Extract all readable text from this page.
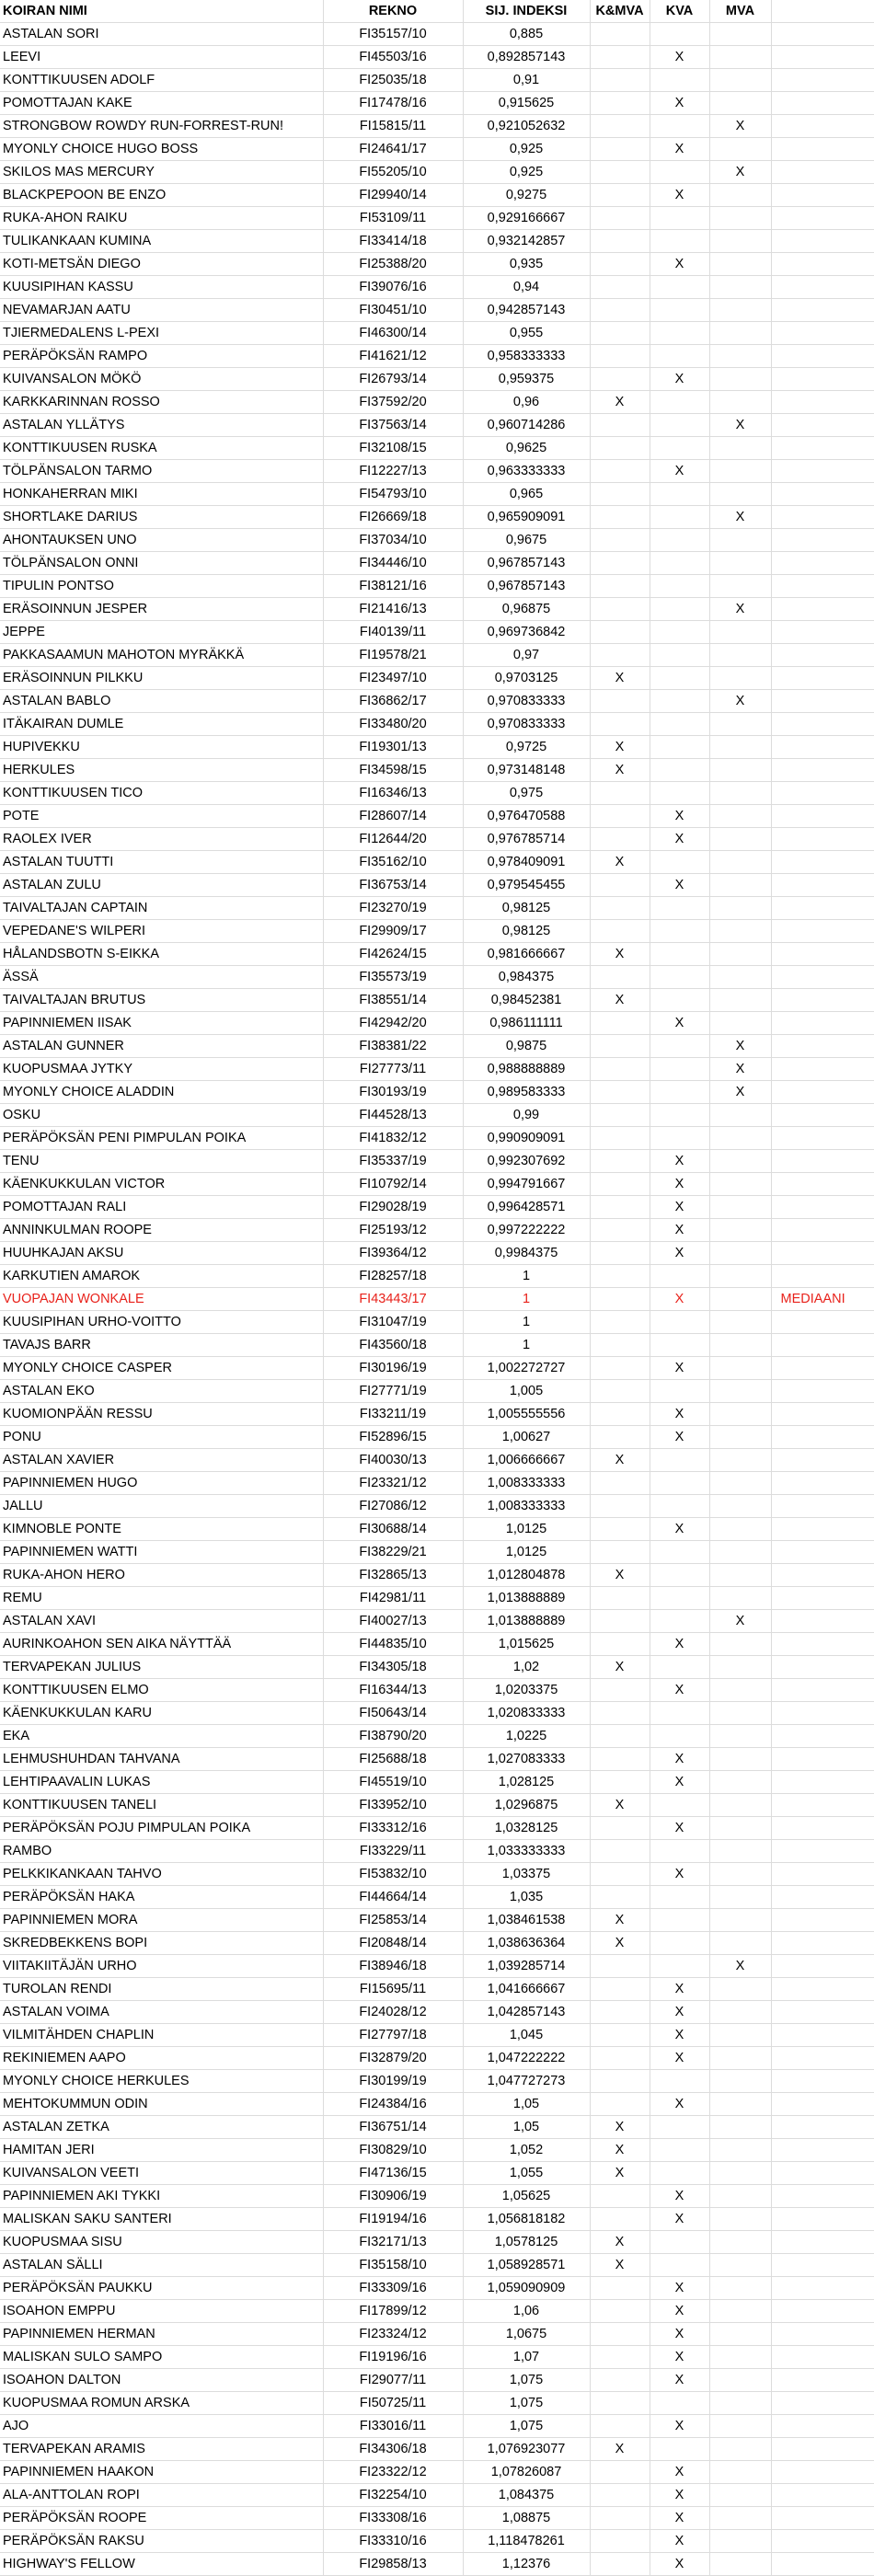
KOIRAN NIMI	REKNO	SIJ. INDEKSI	K&MVA	KVA	MVA	
ASTALAN SORI	FI35157/10	0,885				
LEEVI	FI45503/16	0,892857143		X		
KONTTIKUUSEN ADOLF	FI25035/18	0,91				
POMOTTAJAN KAKE	FI17478/16	0,915625		X		
STRONGBOW ROWDY RUN-FORREST-RUN!	FI15815/11	0,921052632			X	
MYONLY CHOICE HUGO BOSS	FI24641/17	0,925		X		
SKILOS MAS MERCURY	FI55205/10	0,925			X	
BLACKPEPOON BE ENZO	FI29940/14	0,9275		X		
RUKA-AHON RAIKU	FI53109/11	0,929166667				
TULIKANKAAN KUMINA	FI33414/18	0,932142857				
KOTI-METSÄN DIEGO	FI25388/20	0,935		X		
KUUSIPIHAN KASSU	FI39076/16	0,94				
NEVAMARJAN AATU	FI30451/10	0,942857143				
TJIERMEDALENS L-PEXI	FI46300/14	0,955				
PERÄPÖKSÄN RAMPO	FI41621/12	0,958333333				
KUIVANSALON MÖKÖ	FI26793/14	0,959375		X		
KARKKARINNAN ROSSO	FI37592/20	0,96	X			
ASTALAN YLLÄTYS	FI37563/14	0,960714286			X	
KONTTIKUUSEN RUSKA	FI32108/15	0,9625				
TÖLPÄNSALON TARMO	FI12227/13	0,963333333		X		
HONKAHERRAN MIKI	FI54793/10	0,965				
SHORTLAKE DARIUS	FI26669/18	0,965909091			X	
AHONTAUKSEN UNO	FI37034/10	0,9675				
TÖLPÄNSALON ONNI	FI34446/10	0,967857143				
TIPULIN PONTSO	FI38121/16	0,967857143				
ERÄSOINNUN JESPER	FI21416/13	0,96875			X	
JEPPE	FI40139/11	0,969736842				
PAKKASAAMUN MAHOTON MYRÄKKÄ	FI19578/21	0,97				
ERÄSOINNUN PILKKU	FI23497/10	0,9703125	X			
ASTALAN BABLO	FI36862/17	0,970833333			X	
ITÄKAIRAN DUMLE	FI33480/20	0,970833333				
HUPIVEKKU	FI19301/13	0,9725	X			
HERKULES	FI34598/15	0,973148148	X			
KONTTIKUUSEN TICO	FI16346/13	0,975				
POTE	FI28607/14	0,976470588		X		
RAOLEX IVER	FI12644/20	0,976785714		X		
ASTALAN TUUTTI	FI35162/10	0,978409091	X			
ASTALAN ZULU	FI36753/14	0,979545455		X		
TAIVALTAJAN CAPTAIN	FI23270/19	0,98125				
VEPEDANE'S WILPERI	FI29909/17	0,98125				
HÅLANDSBOTN S-EIKKA	FI42624/15	0,981666667	X			
ÄSSÄ	FI35573/19	0,984375				
TAIVALTAJAN BRUTUS	FI38551/14	0,98452381	X			
PAPINNIEMEN IISAK	FI42942/20	0,986111111		X		
ASTALAN GUNNER	FI38381/22	0,9875			X	
KUOPUSMAA JYTKY	FI27773/11	0,988888889			X	
MYONLY CHOICE ALADDIN	FI30193/19	0,989583333			X	
OSKU	FI44528/13	0,99				
PERÄPÖKSÄN PENI PIMPULAN POIKA	FI41832/12	0,990909091				
TENU	FI35337/19	0,992307692		X		
KÄENKUKKULAN VICTOR	FI10792/14	0,994791667		X		
POMOTTAJAN RALI	FI29028/19	0,996428571		X		
ANNINKULMAN ROOPE	FI25193/12	0,997222222		X		
HUUHKAJAN AKSU	FI39364/12	0,9984375		X		
KARKUTIEN AMAROK	FI28257/18	1				
VUOPAJAN WONKALE	FI43443/17	1		X		MEDIAANI
KUUSIPIHAN URHO-VOITTO	FI31047/19	1				
TAVAJS BARR	FI43560/18	1				
MYONLY CHOICE CASPER	FI30196/19	1,002272727		X		
ASTALAN EKO	FI27771/19	1,005				
KUOMIONPÄÄN RESSU	FI33211/19	1,005555556		X		
PONU	FI52896/15	1,00627		X		
ASTALAN XAVIER	FI40030/13	1,006666667	X			
PAPINNIEMEN HUGO	FI23321/12	1,008333333				
JALLU	FI27086/12	1,008333333				
KIMNOBLE PONTE	FI30688/14	1,0125		X		
PAPINNIEMEN WATTI	FI38229/21	1,0125				
RUKA-AHON HERO	FI32865/13	1,012804878	X			
REMU	FI42981/11	1,013888889				
ASTALAN XAVI	FI40027/13	1,013888889			X	
AURINKOAHON SEN AIKA NÄYTTÄÄ	FI44835/10	1,015625		X		
TERVAPEKAN JULIUS	FI34305/18	1,02	X			
KONTTIKUUSEN ELMO	FI16344/13	1,0203375		X		
KÄENKUKKULAN KARU	FI50643/14	1,020833333				
EKA	FI38790/20	1,0225				
LEHMUSHUHDAN TAHVANA	FI25688/18	1,027083333		X		
LEHTIPAAVALIN LUKAS	FI45519/10	1,028125		X		
KONTTIKUUSEN TANELI	FI33952/10	1,0296875	X			
PERÄPÖKSÄN POJU PIMPULAN POIKA	FI33312/16	1,0328125		X		
RAMBO	FI33229/11	1,033333333				
PELKKIKANKAAN TAHVO	FI53832/10	1,03375		X		
PERÄPÖKSÄN HAKA	FI44664/14	1,035				
PAPINNIEMEN MORA	FI25853/14	1,038461538	X			
SKREDBEKKENS BOPI	FI20848/14	1,038636364	X			
VIITAKIITÄJÄN URHO	FI38946/18	1,039285714			X	
TUROLAN RENDI	FI15695/11	1,041666667		X		
ASTALAN VOIMA	FI24028/12	1,042857143		X		
VILMITÄHDEN CHAPLIN	FI27797/18	1,045		X		
REKINIEMEN AAPO	FI32879/20	1,047222222		X		
MYONLY CHOICE HERKULES	FI30199/19	1,047727273				
MEHTOKUMMUN ODIN	FI24384/16	1,05		X		
ASTALAN ZETKA	FI36751/14	1,05	X			
HAMITAN JERI	FI30829/10	1,052	X			
KUIVANSALON VEETI	FI47136/15	1,055	X			
PAPINNIEMEN AKI TYKKI	FI30906/19	1,05625		X		
MALISKAN SAKU SANTERI	FI19194/16	1,056818182		X		
KUOPUSMAA SISU	FI32171/13	1,0578125	X			
ASTALAN SÄLLI	FI35158/10	1,058928571	X			
PERÄPÖKSÄN PAUKKU	FI33309/16	1,059090909		X		
ISOAHON EMPPU	FI17899/12	1,06		X		
PAPINNIEMEN HERMAN	FI23324/12	1,0675		X		
MALISKAN SULO SAMPO	FI19196/16	1,07		X		
ISOAHON DALTON	FI29077/11	1,075		X		
KUOPUSMAA ROMUN ARSKA	FI50725/11	1,075				
AJO	FI33016/11	1,075		X		
TERVAPEKAN ARAMIS	FI34306/18	1,076923077	X			
PAPINNIEMEN HAAKON	FI23322/12	1,07826087		X		
ALA-ANTTOLAN ROPI	FI32254/10	1,084375		X		
PERÄPÖKSÄN ROOPE	FI33308/16	1,08875		X		
PERÄPÖKSÄN RAKSU	FI33310/16	1,118478261		X		
HIGHWAY'S FELLOW	FI29858/13	1,12376		X		
